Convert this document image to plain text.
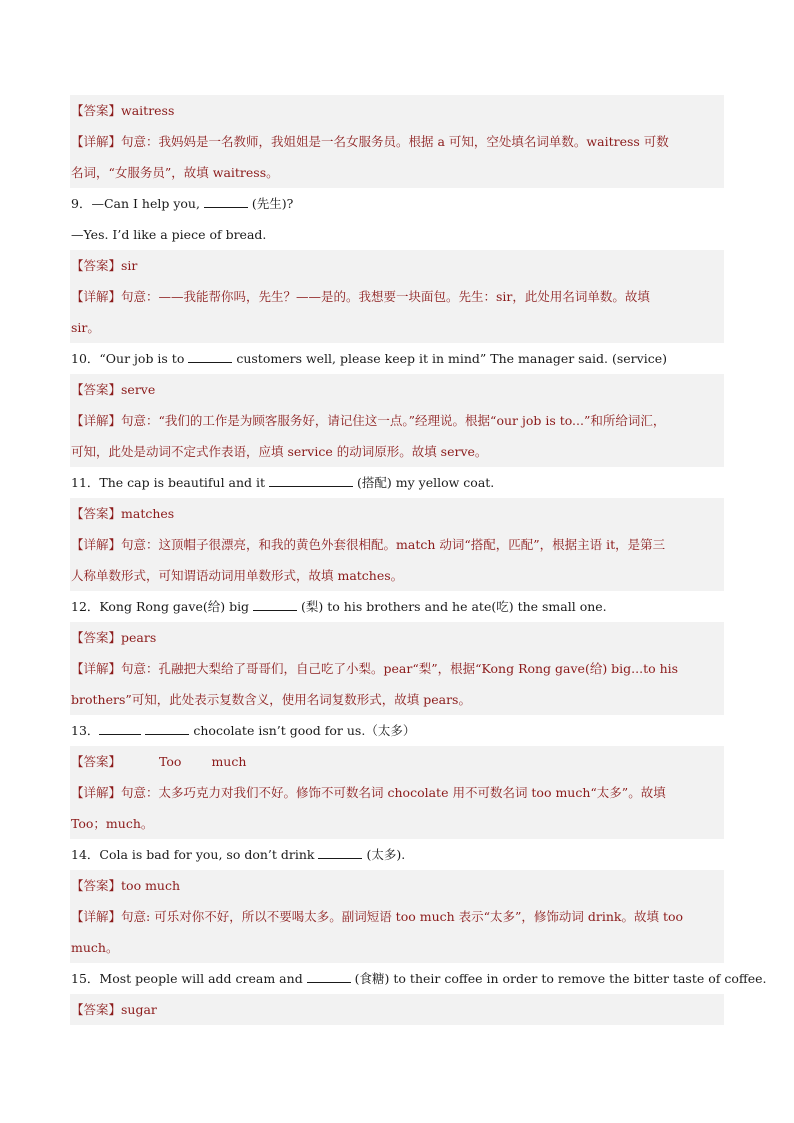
【答案】waitress
【详解】句意：我妈妈是一名教师，我姐姐是一名女服务员。根据 a 可知，空处填名词单数。waitress 可数
名词，“女服务员”，故填 waitress。
9．—Can I help you,	(先生)?
—Yes. I’d like a piece of bread.
【答案】sir
【详解】句意：——我能帮你吗，先生？——是的。我想要一块面包。先生：sir，此处用名词单数。故填
sir。
10．“Our job is to	customers well, please keep it in mind” The manager said. (service)
【答案】serve
【详解】句意：“我们的工作是为顾客服务好，请记住这一点。”经理说。根据“our job is to...”和所给词汇，
可知，此处是动词不定式作表语，应填 service 的动词原形。故填 serve。
11．The cap is beautiful and it	(搭配) my yellow coat.
【答案】matches
【详解】句意：这顶帽子很漂亮，和我的黄色外套很相配。match 动词“搭配，匹配”，根据主语 it，是第三
人称单数形式，可知谓语动词用单数形式，故填 matches。
12．Kong Rong gave(给) big	(梨) to his brothers and he ate(吃) the small one.
【答案】pears
【详解】句意：孔融把大梨给了哥哥们，自己吃了小梨。pear“梨”，根据“Kong Rong gave(给) big...to his
brothers”可知，此处表示复数含义，使用名词复数形式，故填 pears。
13．	chocolate isn’t good for us.（太多）
【答案】	Too much
【详解】句意：太多巧克力对我们不好。修饰不可数名词 chocolate 用不可数名词 too much“太多”。故填
Too；much。
14．Cola is bad for you, so don’t drink	(太多).
【答案】too much
【详解】句意: 可乐对你不好，所以不要喝太多。副词短语 too much 表示“太多”，修饰动词 drink。故填 too
much。
15．Most people will add cream and	(食糖) to their coffee in order to remove the bitter taste of coffee.
【答案】sugar
